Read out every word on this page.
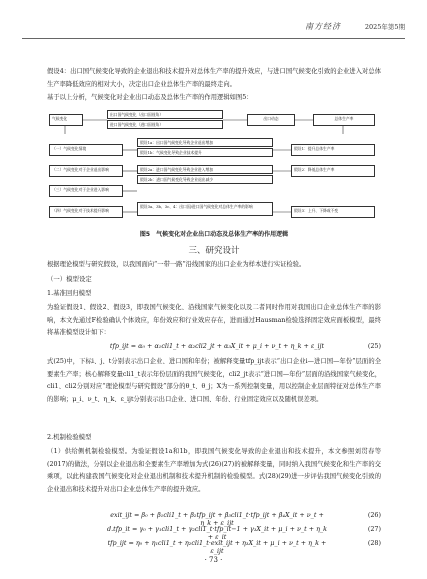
南方经济	2025年第5期
假设4：出口国气候变化导致的企业退出和技术提升对总体生产率的提升效应，与进口国气候变化引致的企业进入对总体生产率降低效应的相对大小，决定出口企业总体生产率的最终走向。
基于以上分析，气候变化对企业出口动态及总体生产率的作用逻辑如图5：
气候变化
出口国气候变化（出口国视角）
进口国气候变化（进口国视角）
出口动态	总体生产率
（一）气候变化情境
（二）气候变化对于企业退出影响
（三）气候变化对于企业进入影响
（四）气候变化对于技术提升影响
假设1a：出口国气候变化导致企业退出增加
假设1b：气候变化导致企业技术提升
假设2a：进口国气候变化导致企业进入增加
假设2b：进口国气候变化导致企业退出减少
假设3a、3b、3c、4：出口国/进口国气候变化对总体生产率的影响
假设1：提升总体生产率
假设2：降低总体生产率
假设3：上升、下降或不变
图5　气候变化对企业出口动态及总体生产率的作用逻辑
三、研究设计
根据理论模型与研究假设，以我国面向“一带一路”沿线国家的出口企业为样本进行实证检验。
（一）模型设定
1.基准回归模型
为验证假设1、假设2、假设3，即我国气候变化、沿线国家气候变化以及二者同时作用对我国出口企业总体生产率的影响，本文先通过F检验确认个体效应，年份效应和行业效应存在，进而通过Hausman检验选择固定效应面板模型，最终将基准模型设计如下：
tfp_ijt = α₀ + α₁cli1_t + α₂cli2_jt + α₃X_it + μ_i + ν_t + η_k + ε_ijt	(25)
式(25)中，下标i、j、t分别表示出口企业、进口国和年份；被解释变量tfp_ijt表示“出口企业i—进口国—年份”层面的全要素生产率；核心解释变量cli1_t表示年份层面的我国气候变化，cli2_jt表示“进口国—年份”层面的沿线国家气候变化，cli1、cli2分别对应“理论模型与研究假设”部分的θ_t、θ_j；X为一系列控制变量，用以控制企业层面特征对总体生产率的影响；μ_i、ν_t、η_k、ε_ijt分别表示出口企业、进口国、年份、行业固定效应以及随机误差项。
2.机制检验模型
（1）供给侧机制检验模型。为验证假设1a和1b，即我国气候变化导致的企业退出和技术提升，本文参照刘贯春等(2017)的做法，分别以企业退出和全要素生产率增加为式(26)(27)的被解释变量，同时纳入我国气候变化和生产率的交乘项，以此构建我国气候变化对企业退出机制和技术提升机制的检验模型。式(28)(29)进一步评估我国气候变化引致的企业退出和技术提升对出口企业总体生产率的提升效应。
exit_ijt = β₀ + β₁cli1_t + β₂tfp_ijt + β₃cli1_t·tfp_ijt + β₄X_it + ν_t + η_k + ε_ijt
(26)
d.tfp_it = γ₀ + γ₁cli1_t + γ₂cli1_t·tfp_it−1 + γ₃X_it + μ_i + ν_t + η_k + ε_it
(27)
tfp_ijt = η₀ + η₁cli1_t + η₂cli1_t·exit_ijt + η₃X_it + μ_i + ν_t + η_k + ε_ijt
(28)
· 73 ·
